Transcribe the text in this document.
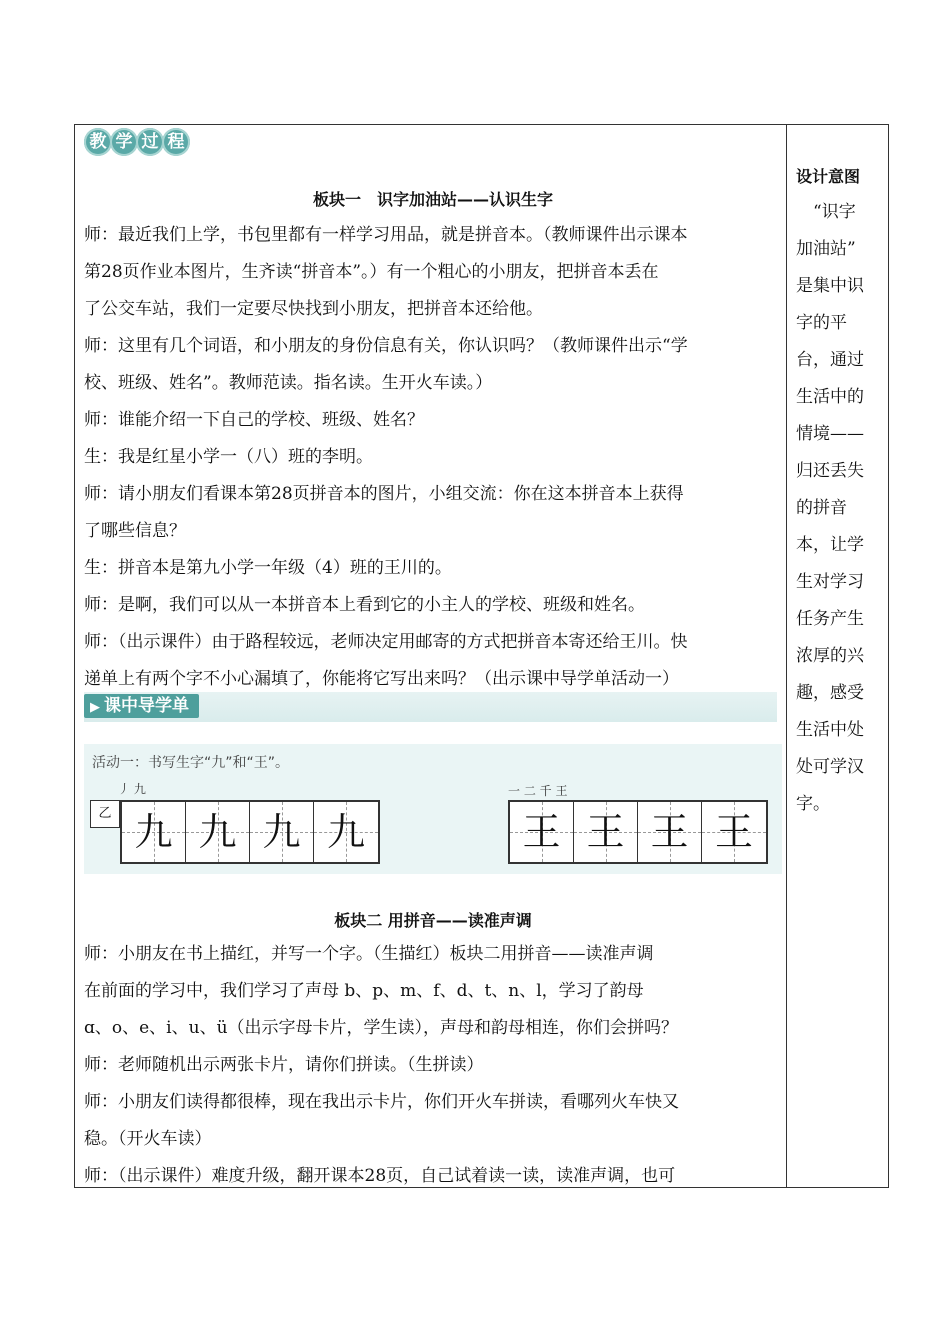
教 学 过 程
板块一　识字加油站——认识生字

师：最近我们上学，书包里都有一样学习用品，就是拼音本。（教师课件出示课本

第28页作业本图片，生齐读“拼音本”。）有一个粗心的小朋友，把拼音本丢在

了公交车站，我们一定要尽快找到小朋友，把拼音本还给他。

师：这里有几个词语，和小朋友的身份信息有关，你认识吗？（教师课件出示“学

校、班级、姓名”。教师范读。指名读。生开火车读。）

师：谁能介绍一下自己的学校、班级、姓名？

生：我是红星小学一（八）班的李明。

师：请小朋友们看课本第28页拼音本的图片，小组交流：你在这本拼音本上获得

了哪些信息？

生：拼音本是第九小学一年级（4）班的王川的。

师：是啊，我们可以从一本拼音本上看到它的小主人的学校、班级和姓名。

师：（出示课件）由于路程较远，老师决定用邮寄的方式把拼音本寄还给王川。快

递单上有两个字不小心漏填了，你能将它写出来吗？（出示课中导学单活动一）

▶ 课中导学单
活动一：书写生字“九”和“王”。
丿 九	一 二 千 王
九 九 九 九	王 王 王 王
乙
板块二 用拼音——读准声调

师：小朋友在书上描红，并写一个字。（生描红）板块二用拼音——读准声调

在前面的学习中，我们学习了声母 b、p、m、f、d、t、n、l，学习了韵母

ɑ、o、e、i、u、ü（出示字母卡片，学生读），声母和韵母相连，你们会拼吗？

师：老师随机出示两张卡片，请你们拼读。（生拼读）

师：小朋友们读得都很棒，现在我出示卡片，你们开火车拼读，看哪列火车快又

稳。（开火车读）

师：（出示课件）难度升级，翻开课本28页，自己试着读一读，读准声调，也可

设计意图

　“识字

加油站”

是集中识

字的平

台，通过

生活中的

情境——

归还丢失

的拼音

本，让学

生对学习

任务产生

浓厚的兴

趣，感受

生活中处

处可学汉

字。
